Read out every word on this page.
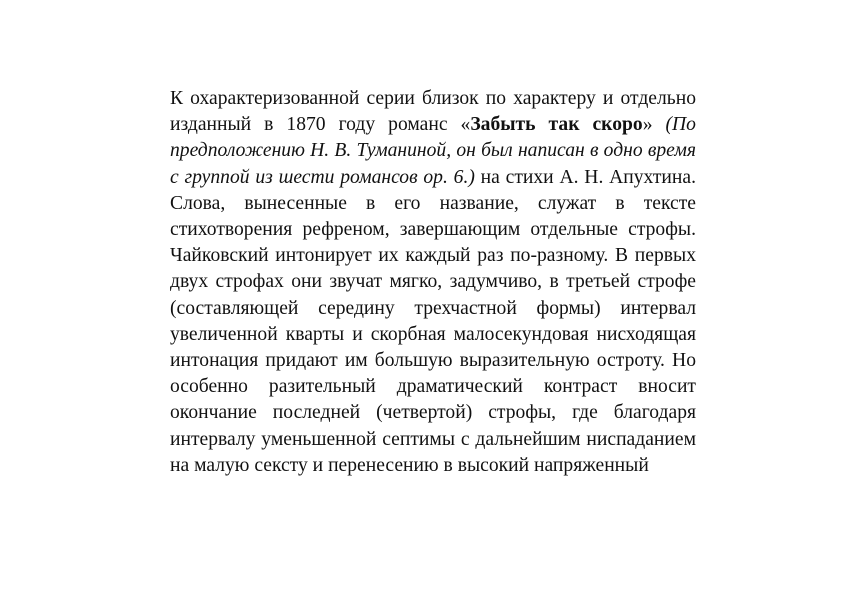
К охарактеризованной серии близок по характеру и отдельно изданный в 1870 году романс «Забыть так скоро» (По предположению Н. В. Туманиной, он был написан в одно время с группой из шести романсов ор. 6.) на стихи А. Н. Апухтина. Слова, вынесенные в его название, служат в тексте стихотворения рефреном, завершающим отдельные строфы. Чайковский интонирует их каждый раз по-разному. В первых двух строфах они звучат мягко, задумчиво, в третьей строфе (составляющей середину трехчастной формы) интервал увеличенной кварты и скорбная малосекундовая нисходящая интонация придают им большую выразительную остроту. Но особенно разительный драматический контраст вносит окончание последней (четвертой) строфы, где благодаря интервалу уменьшенной септимы с дальнейшим ниспаданием на малую сексту и перенесению в высокий напряженный
